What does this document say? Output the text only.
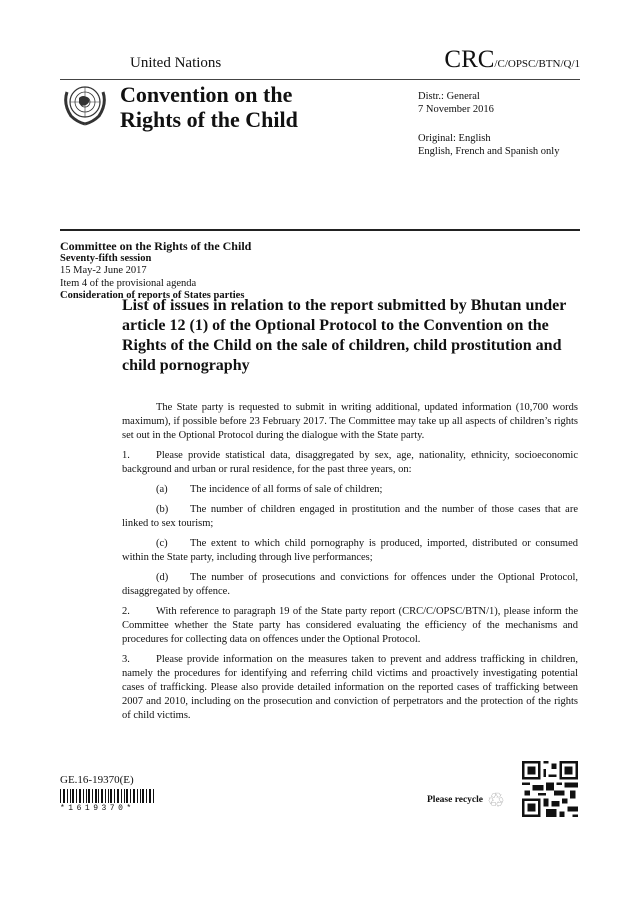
United Nations	CRC/C/OPSC/BTN/Q/1
Convention on the
Rights of the Child
Distr.: General
7 November 2016
Original: English
English, French and Spanish only
Committee on the Rights of the Child
Seventy-fifth session
15 May-2 June 2017
Item 4 of the provisional agenda
Consideration of reports of States parties
List of issues in relation to the report submitted by Bhutan under article 12 (1) of the Optional Protocol to the Convention on the Rights of the Child on the sale of children, child prostitution and child pornography

The State party is requested to submit in writing additional, updated information (10,700 words maximum), if possible before 23 February 2017. The Committee may take up all aspects of children’s rights set out in the Optional Protocol during the dialogue with the State party.

1. Please provide statistical data, disaggregated by sex, age, nationality, ethnicity, socioeconomic background and urban or rural residence, for the past three years, on:

(a) The incidence of all forms of sale of children;

(b) The number of children engaged in prostitution and the number of those cases that are linked to sex tourism;

(c) The extent to which child pornography is produced, imported, distributed or consumed within the State party, including through live performances;

(d) The number of prosecutions and convictions for offences under the Optional Protocol, disaggregated by offence.

2. With reference to paragraph 19 of the State party report (CRC/C/OPSC/BTN/1), please inform the Committee whether the State party has considered evaluating the efficiency of the mechanisms and procedures for collecting data on offences under the Optional Protocol.

3. Please provide information on the measures taken to prevent and address trafficking in children, namely the procedures for identifying and referring child victims and proactively investigating potential cases of trafficking. Please also provide detailed information on the reported cases of trafficking between 2007 and 2010, including on the prosecution and conviction of perpetrators and the protection of the rights of child victims.

GE.16-19370(E)
*1619370*
Please recycle ♲
